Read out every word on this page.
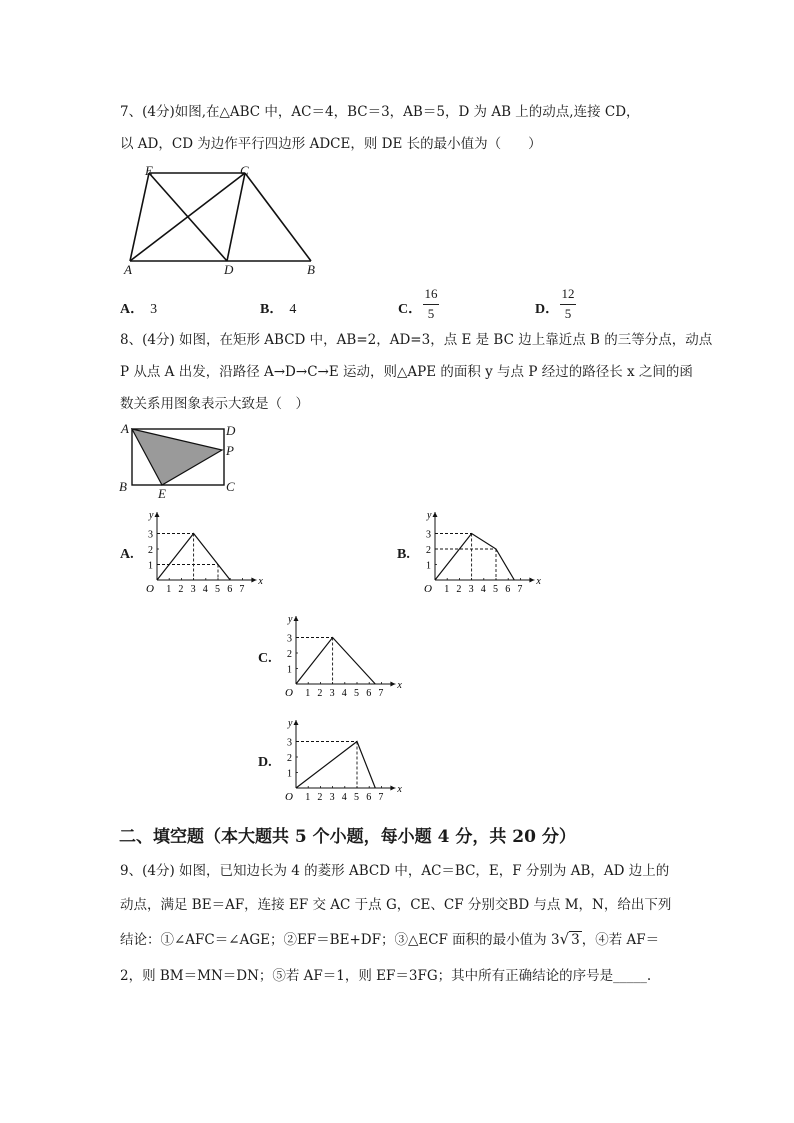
7、(4分)如图,在△ABC 中，AC＝4，BC＝3，AB＝5，D 为 AB 上的动点,连接 CD，
以 AD，CD 为边作平行四边形 ADCE，则 DE 长的最小值为（　　）
E	C
A	D	B
A． 3	B． 4	C．
16
5	D．
12
5
8、(4分) 如图，在矩形 ABCD 中，AB=2，AD=3，点 E 是 BC 边上靠近点 B 的三等分点，动点
P 从点 A 出发，沿路径 A→D→C→E 运动，则△APE 的面积 y 与点 P 经过的路径长 x 之间的函
数关系用图象表示大致是（　）
A	D
P
B E	C
A.
y
x
O 1 2 3 4 5 6 7
1
2
3
B.
y
x
O 1 2 3 4 5 6 7
1
2
3
C.
y
x
O 1 2 3 4 5 6 7
1
2
3
D.
y
x
O 1 2 3 4 5 6 7
1
2
3
二、填空题（本大题共 5 个小题，每小题 4 分，共 20 分）
9、(4分) 如图，已知边长为 4 的菱形 ABCD 中，AC＝BC，E，F 分别为 AB，AD 边上的
动点，满足 BE＝AF，连接 EF 交 AC 于点 G，CE、CF 分别交BD 与点 M，N，给出下列
结论：①∠AFC＝∠AGE；②EF＝BE+DF；③△ECF 面积的最小值为 3√ 3 ，④若 AF＝
2，则 BM＝MN＝DN；⑤若 AF＝1，则 EF＝3FG；其中所有正确结论的序号是_____.
